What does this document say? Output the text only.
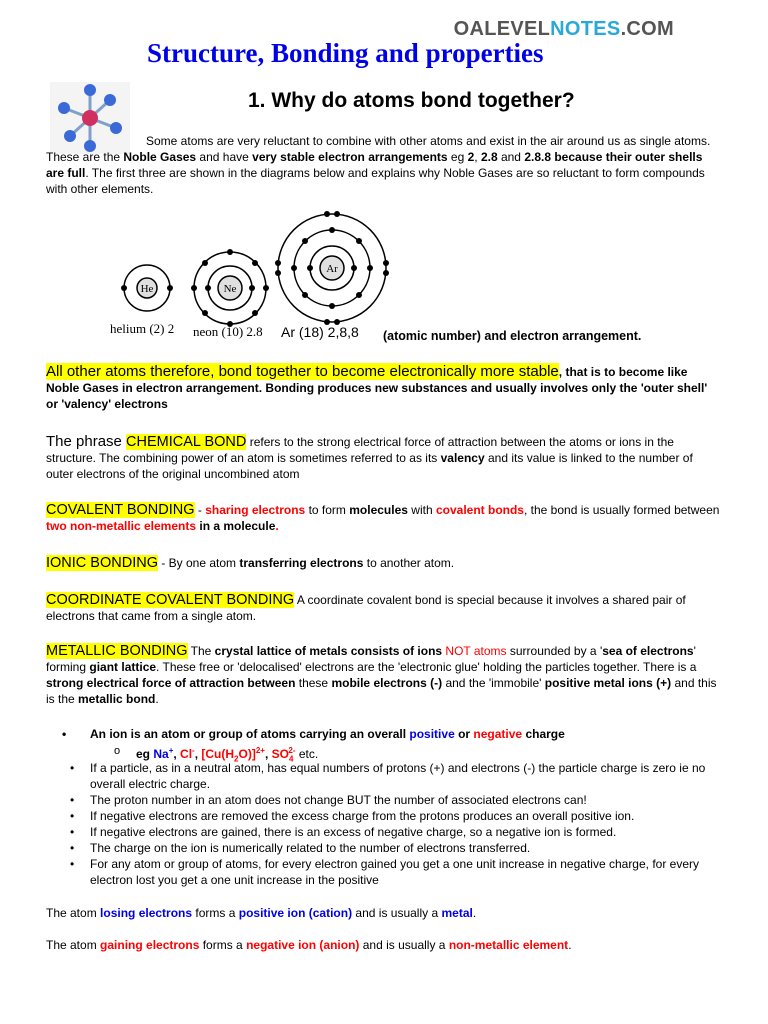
OALEVELNOTES.COM
Structure, Bonding and properties
1. Why do atoms bond together?
Some atoms are very reluctant to combine with other atoms and exist in the air around us as single atoms. These are the Noble Gases and have very stable electron arrangements eg 2, 2.8 and 2.8.8 because their outer shells are full. The first three are shown in the diagrams below and explains why Noble Gases are so reluctant to form compounds with other elements.
He	Ne
Ar
helium (2) 2 neon (10) 2.8 Ar (18) 2,8,8 (atomic number) and electron arrangement.
All other atoms therefore, bond together to become electronically more stable, that is to become like Noble Gases in electron arrangement. Bonding produces new substances and usually involves only the 'outer shell' or 'valency' electrons
The phrase CHEMICAL BOND refers to the strong electrical force of attraction between the atoms or ions in the structure. The combining power of an atom is sometimes referred to as its valency and its value is linked to the number of outer electrons of the original uncombined atom
COVALENT BONDING - sharing electrons to form molecules with covalent bonds, the bond is usually formed between two non-metallic elements in a molecule.
IONIC BONDING - By one atom transferring electrons to another atom.
COORDINATE COVALENT BONDING A coordinate covalent bond is special because it involves a shared pair of electrons that came from a single atom.
METALLIC BONDING The crystal lattice of metals consists of ions NOT atoms surrounded by a 'sea of electrons' forming giant lattice. These free or 'delocalised' electrons are the 'electronic glue' holding the particles together. There is a strong electrical force of attraction between these mobile electrons (-) and the 'immobile' positive metal ions (+) and this is the metallic bond.
• An ion is an atom or group of atoms carrying an overall positive or negative charge
o eg Na+, Cl-, $[Cu(H_2O)]^{2+}$, $SO_4^{2-}$ etc.
• If a particle, as in a neutral atom, has equal numbers of protons (+) and electrons (-) the particle charge is zero ie no overall electric charge.
• The proton number in an atom does not change BUT the number of associated electrons can!
• If negative electrons are removed the excess charge from the protons produces an overall positive ion.
• If negative electrons are gained, there is an excess of negative charge, so a negative ion is formed.
• The charge on the ion is numerically related to the number of electrons transferred.
• For any atom or group of atoms, for every electron gained you get a one unit increase in negative charge, for every electron lost you get a one unit increase in the positive
The atom losing electrons forms a positive ion (cation) and is usually a metal.
The atom gaining electrons forms a negative ion (anion) and is usually a non-metallic element.
